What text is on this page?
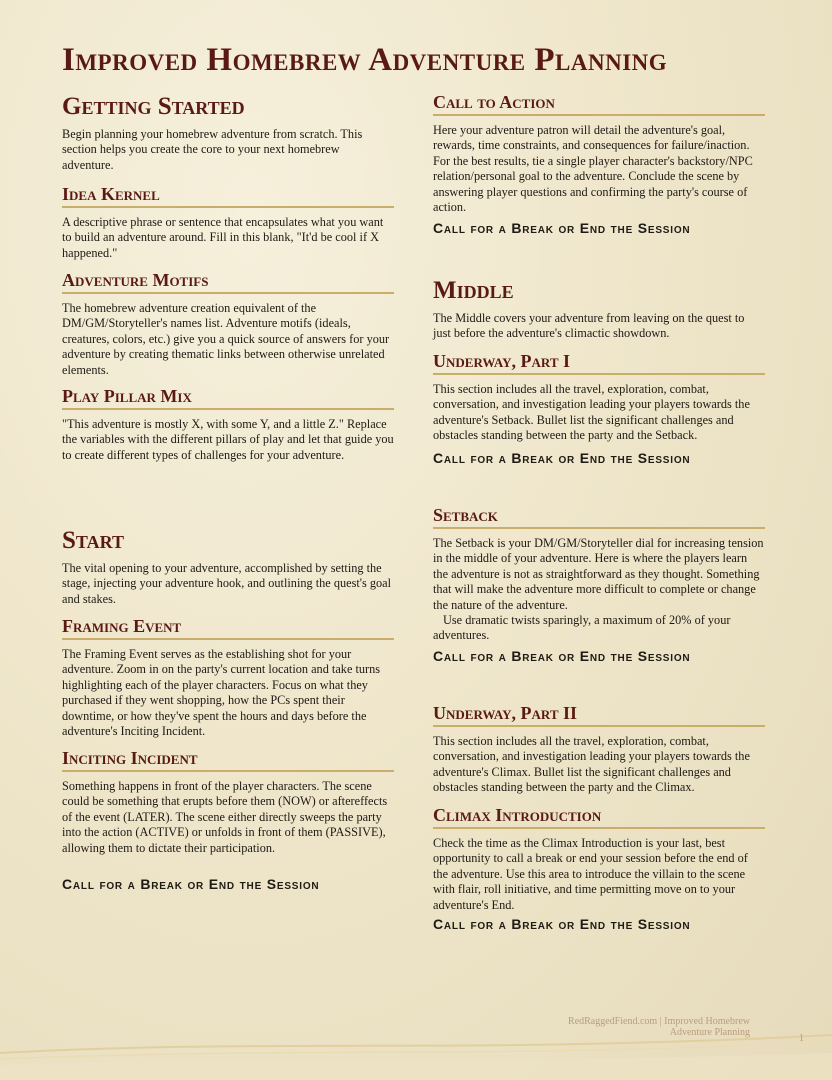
Improved Homebrew Adventure Planning
Getting Started

Begin planning your homebrew adventure from scratch. This section helps you create the core to your next homebrew adventure.

Idea Kernel

A descriptive phrase or sentence that encapsulates what you want to build an adventure around. Fill in this blank, "It'd be cool if X happened."

Adventure Motifs

The homebrew adventure creation equivalent of the DM/GM/Storyteller's names list. Adventure motifs (ideals, creatures, colors, etc.) give you a quick source of answers for your adventure by creating thematic links between otherwise unrelated elements.

Play Pillar Mix

"This adventure is mostly X, with some Y, and a little Z." Replace the variables with the different pillars of play and let that guide you to create different types of challenges for your adventure.

Start

The vital opening to your adventure, accomplished by setting the stage, injecting your adventure hook, and outlining the quest's goal and stakes.

Framing Event

The Framing Event serves as the establishing shot for your adventure. Zoom in on the party's current location and take turns highlighting each of the player characters. Focus on what they purchased if they went shopping, how the PCs spent their downtime, or how they've spent the hours and days before the adventure's Inciting Incident.

Inciting Incident

Something happens in front of the player characters. The scene could be something that erupts before them (NOW) or aftereffects of the event (LATER). The scene either directly sweeps the party into the action (ACTIVE) or unfolds in front of them (PASSIVE), allowing them to dictate their participation.

Call for a Break or End the Session
Call to Action

Here your adventure patron will detail the adventure's goal, rewards, time constraints, and consequences for failure/inaction. For the best results, tie a single player character's backstory/NPC relation/personal goal to the adventure. Conclude the scene by answering player questions and confirming the party's course of action.

Call for a Break or End the Session
Middle

The Middle covers your adventure from leaving on the quest to just before the adventure's climactic showdown.

Underway, Part I

This section includes all the travel, exploration, combat, conversation, and investigation leading your players towards the adventure's Setback. Bullet list the significant challenges and obstacles standing between the party and the Setback.

Call for a Break or End the Session
Setback

The Setback is your DM/GM/Storyteller dial for increasing tension in the middle of your adventure. Here is where the players learn the adventure is not as straightforward as they thought. Something that will make the adventure more difficult to complete or change the nature of the adventure.

Use dramatic twists sparingly, a maximum of 20% of your adventures.

Call for a Break or End the Session
Underway, Part II

This section includes all the travel, exploration, combat, conversation, and investigation leading your players towards the adventure's Climax. Bullet list the significant challenges and obstacles standing between the party and the Climax.

Climax Introduction

Check the time as the Climax Introduction is your last, best opportunity to call a break or end your session before the end of the adventure. Use this area to introduce the villain to the scene with flair, roll initiative, and time permitting move on to your adventure's End.

Call for a Break or End the Session
RedRaggedFiend.com | Improved Homebrew
Adventure Planning
1
